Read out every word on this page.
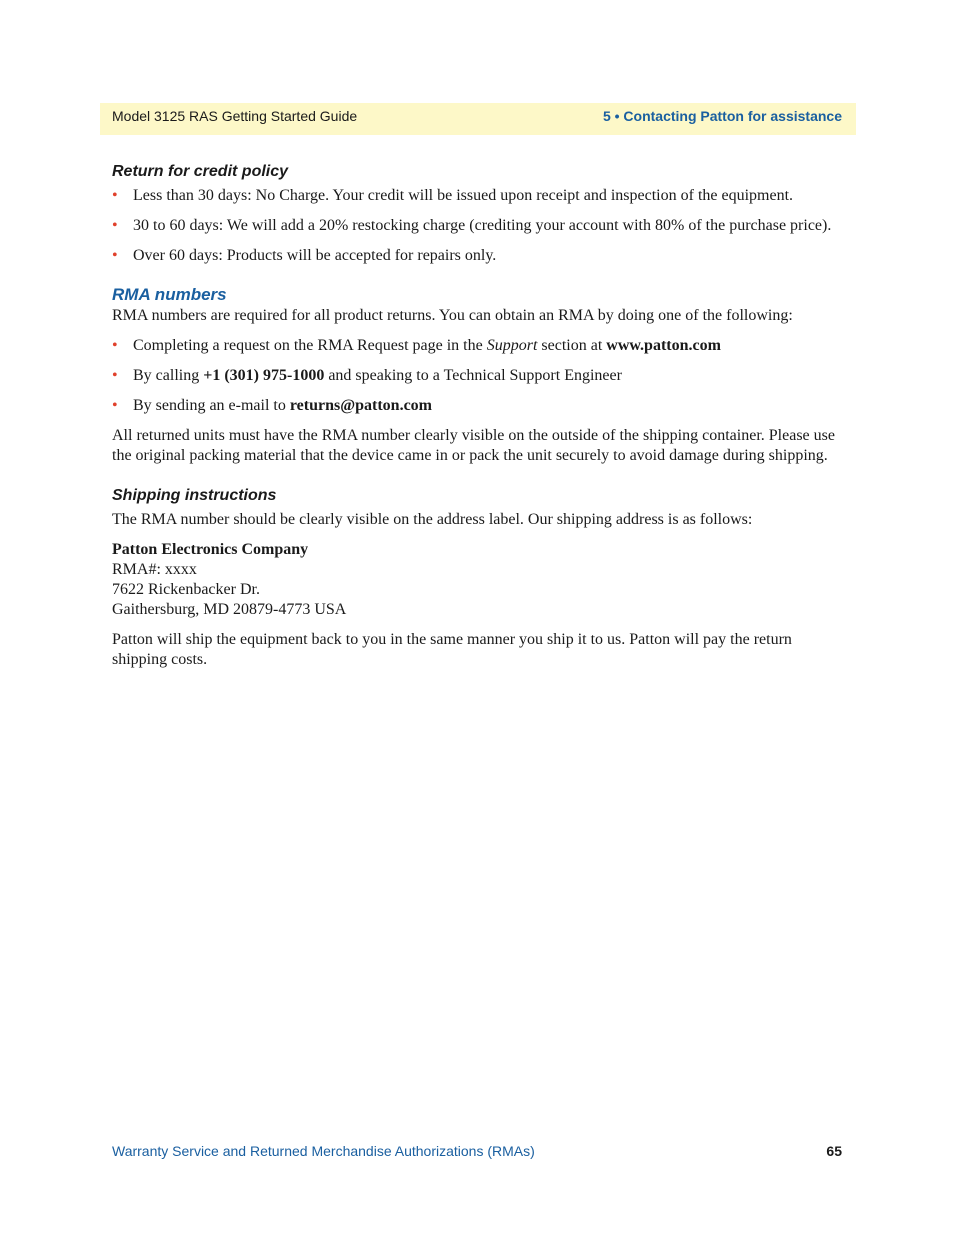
Model 3125 RAS Getting Started Guide	5 • Contacting Patton for assistance
Return for credit policy
• Less than 30 days: No Charge. Your credit will be issued upon receipt and inspection of the equipment.
• 30 to 60 days: We will add a 20% restocking charge (crediting your account with 80% of the purchase price).
• Over 60 days: Products will be accepted for repairs only.
RMA numbers

RMA numbers are required for all product returns. You can obtain an RMA by doing one of the following:

• Completing a request on the RMA Request page in the Support section at www.patton.com
• By calling +1 (301) 975-1000 and speaking to a Technical Support Engineer
• By sending an e-mail to returns@patton.com

All returned units must have the RMA number clearly visible on the outside of the shipping container. Please use the original packing material that the device came in or pack the unit securely to avoid damage during shipping.

Shipping instructions

The RMA number should be clearly visible on the address label. Our shipping address is as follows:

Patton Electronics Company
RMA#: xxxx
7622 Rickenbacker Dr.
Gaithersburg, MD 20879-4773 USA

Patton will ship the equipment back to you in the same manner you ship it to us. Patton will pay the return shipping costs.

Warranty Service and Returned Merchandise Authorizations (RMAs)	65
